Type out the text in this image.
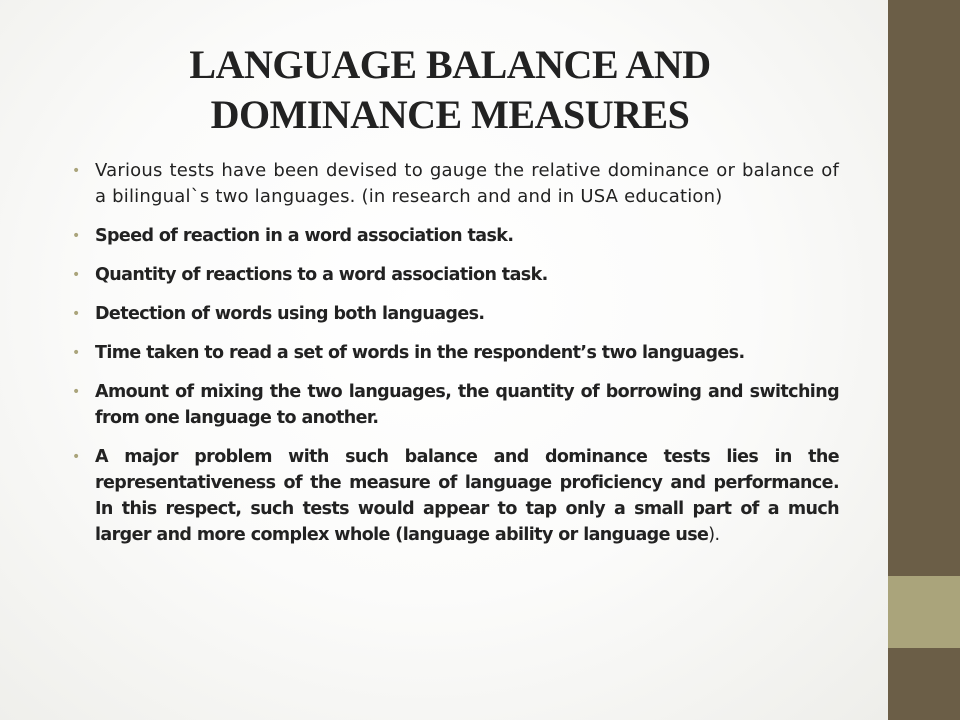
LANGUAGE BALANCE AND
DOMINANCE MEASURES
• Various tests have been devised to gauge the relative dominance or balance of a bilingual`s two languages. (in research and and in USA education)
• Speed of reaction in a word association task.
• Quantity of reactions to a word association task.
• Detection of words using both languages.
• Time taken to read a set of words in the respondent’s two languages.
• Amount of mixing the two languages, the quantity of borrowing and switching from one language to another.
• A major problem with such balance and dominance tests lies in the representativeness of the measure of language proficiency and performance. In this respect, such tests would appear to tap only a small part of a much larger and more complex whole (language ability or language use).
